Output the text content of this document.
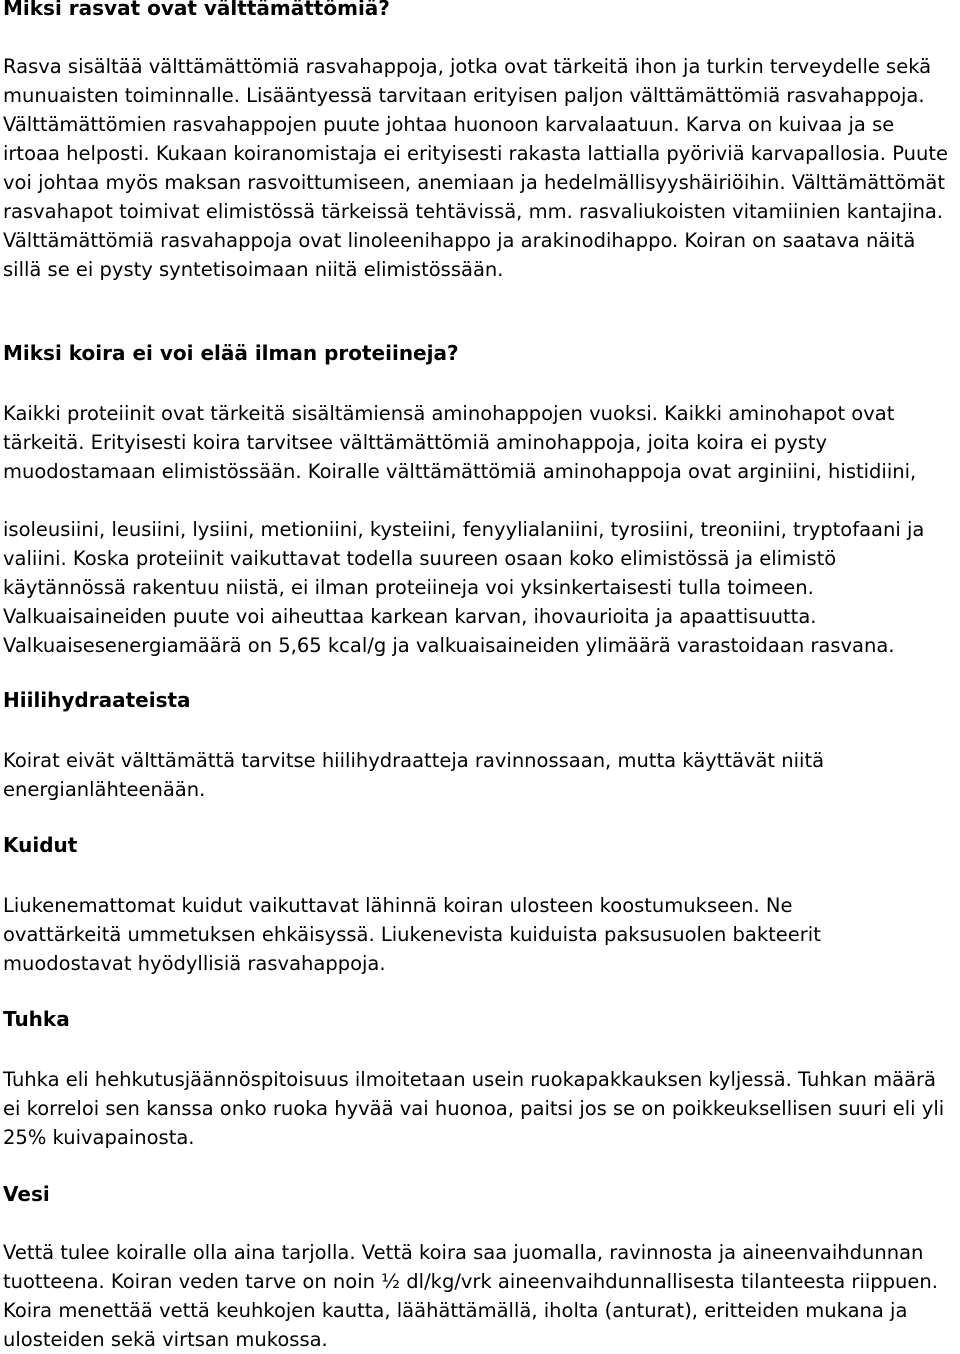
Miksi rasvat ovat välttämättömiä?

Rasva sisältää välttämättömiä rasvahappoja, jotka ovat tärkeitä ihon ja turkin terveydelle sekä munuaisten toiminnalle. Lisääntyessä tarvitaan erityisen paljon välttämättömiä rasvahappoja. Välttämättömien rasvahappojen puute johtaa huonoon karvalaatuun. Karva on kuivaa ja se irtoaa helposti. Kukaan koiranomistaja ei erityisesti rakasta lattialla pyöriviä karvapallosia. Puute voi johtaa myös maksan rasvoittumiseen, anemiaan ja hedelmällisyyshäiriöihin. Välttämättömät rasvahapot toimivat elimistössä tärkeissä tehtävissä, mm. rasvaliukoisten vitamiinien kantajina. Välttämättömiä rasvahappoja ovat linoleenihappo ja arakinodihappo. Koiran on saatava näitä sillä se ei pysty syntetisoimaan niitä elimistössään.

Miksi koira ei voi elää ilman proteiineja?

Kaikki proteiinit ovat tärkeitä sisältämiensä aminohappojen vuoksi. Kaikki aminohapot ovat tärkeitä. Erityisesti koira tarvitsee välttämättömiä aminohappoja, joita koira ei pysty muodostamaan elimistössään. Koiralle välttämättömiä aminohappoja ovat arginiini, histidiini,

isoleusiini, leusiini, lysiini, metioniini, kysteiini, fenyylialaniini, tyrosiini, treoniini, tryptofaani ja valiini. Koska proteiinit vaikuttavat todella suureen osaan koko elimistössä ja elimistö käytännössä rakentuu niistä, ei ilman proteiineja voi yksinkertaisesti tulla toimeen. Valkuaisaineiden puute voi aiheuttaa karkean karvan, ihovaurioita ja apaattisuutta. Valkuaisesenergiamäärä on 5,65 kcal/g ja valkuaisaineiden ylimäärä varastoidaan rasvana.

Hiilihydraateista

Koirat eivät välttämättä tarvitse hiilihydraatteja ravinnossaan, mutta käyttävät niitä energianlähteenään.

Kuidut

Liukenemattomat kuidut vaikuttavat lähinnä koiran ulosteen koostumukseen. Ne ovattärkeitä ummetuksen ehkäisyssä. Liukenevista kuiduista paksusuolen bakteerit muodostavat hyödyllisiä rasvahappoja.

Tuhka

Tuhka eli hehkutusjäännöspitoisuus ilmoitetaan usein ruokapakkauksen kyljessä. Tuhkan määrä ei korreloi sen kanssa onko ruoka hyvää vai huonoa, paitsi jos se on poikkeuksellisen suuri eli yli 25% kuivapainosta.

Vesi

Vettä tulee koiralle olla aina tarjolla. Vettä koira saa juomalla, ravinnosta ja aineenvaihdunnan tuotteena. Koiran veden tarve on noin ½ dl/kg/vrk aineenvaihdunnallisesta tilanteesta riippuen. Koira menettää vettä keuhkojen kautta, läähättämällä, iholta (anturat), eritteiden mukana ja ulosteiden sekä virtsan mukossa.
